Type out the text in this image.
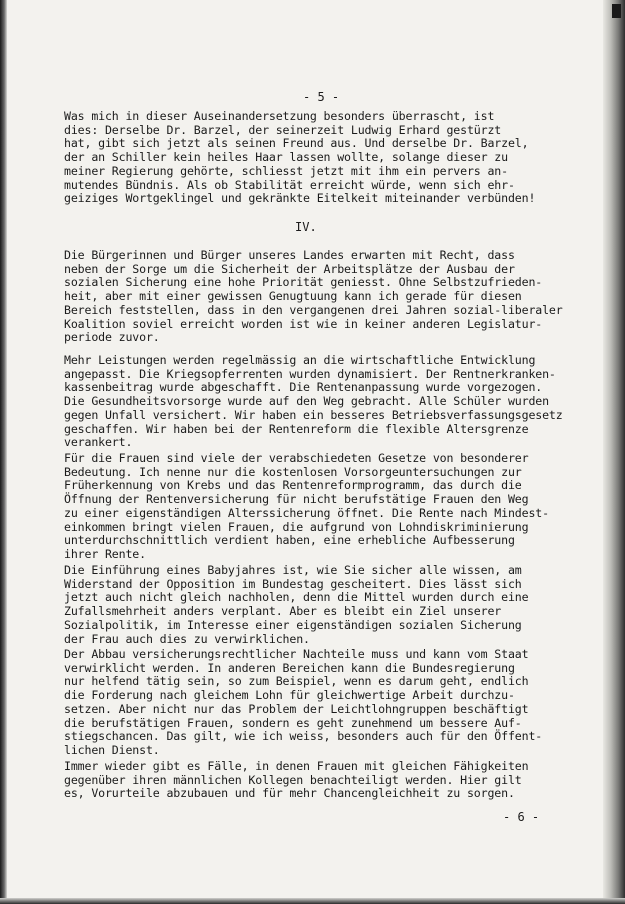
- 5 -
Was mich in dieser Auseinandersetzung besonders überrascht, ist
dies: Derselbe Dr. Barzel, der seinerzeit Ludwig Erhard gestürzt
hat, gibt sich jetzt als seinen Freund aus. Und derselbe Dr. Barzel,
der an Schiller kein heiles Haar lassen wollte, solange dieser zu
meiner Regierung gehörte, schliesst jetzt mit ihm ein pervers an-
mutendes Bündnis. Als ob Stabilität erreicht würde, wenn sich ehr-
geiziges Wortgeklingel und gekränkte Eitelkeit miteinander verbünden!
IV.
Die Bürgerinnen und Bürger unseres Landes erwarten mit Recht, dass
neben der Sorge um die Sicherheit der Arbeitsplätze der Ausbau der
sozialen Sicherung eine hohe Priorität geniesst. Ohne Selbstzufrieden-
heit, aber mit einer gewissen Genugtuung kann ich gerade für diesen
Bereich feststellen, dass in den vergangenen drei Jahren sozial-liberaler
Koalition soviel erreicht worden ist wie in keiner anderen Legislatur-
periode zuvor.
Mehr Leistungen werden regelmässig an die wirtschaftliche Entwicklung
angepasst. Die Kriegsopferrenten wurden dynamisiert. Der Rentnerkranken-
kassenbeitrag wurde abgeschafft. Die Rentenanpassung wurde vorgezogen.
Die Gesundheitsvorsorge wurde auf den Weg gebracht. Alle Schüler wurden
gegen Unfall versichert. Wir haben ein besseres Betriebsverfassungsgesetz
geschaffen. Wir haben bei der Rentenreform die flexible Altersgrenze
verankert.
Für die Frauen sind viele der verabschiedeten Gesetze von besonderer
Bedeutung. Ich nenne nur die kostenlosen Vorsorgeuntersuchungen zur
Früherkennung von Krebs und das Rentenreformprogramm, das durch die
Öffnung der Rentenversicherung für nicht berufstätige Frauen den Weg
zu einer eigenständigen Alterssicherung öffnet. Die Rente nach Mindest-
einkommen bringt vielen Frauen, die aufgrund von Lohndiskriminierung
unterdurchschnittlich verdient haben, eine erhebliche Aufbesserung
ihrer Rente.
Die Einführung eines Babyjahres ist, wie Sie sicher alle wissen, am
Widerstand der Opposition im Bundestag gescheitert. Dies lässt sich
jetzt auch nicht gleich nachholen, denn die Mittel wurden durch eine
Zufallsmehrheit anders verplant. Aber es bleibt ein Ziel unserer
Sozialpolitik, im Interesse einer eigenständigen sozialen Sicherung
der Frau auch dies zu verwirklichen.
Der Abbau versicherungsrechtlicher Nachteile muss und kann vom Staat
verwirklicht werden. In anderen Bereichen kann die Bundesregierung
nur helfend tätig sein, so zum Beispiel, wenn es darum geht, endlich
die Forderung nach gleichem Lohn für gleichwertige Arbeit durchzu-
setzen. Aber nicht nur das Problem der Leichtlohngruppen beschäftigt
die berufstätigen Frauen, sondern es geht zunehmend um bessere Auf-
stiegschancen. Das gilt, wie ich weiss, besonders auch für den Öffent-
lichen Dienst.
Immer wieder gibt es Fälle, in denen Frauen mit gleichen Fähigkeiten
gegenüber ihren männlichen Kollegen benachteiligt werden. Hier gilt
es, Vorurteile abzubauen und für mehr Chancengleichheit zu sorgen.
- 6 -
